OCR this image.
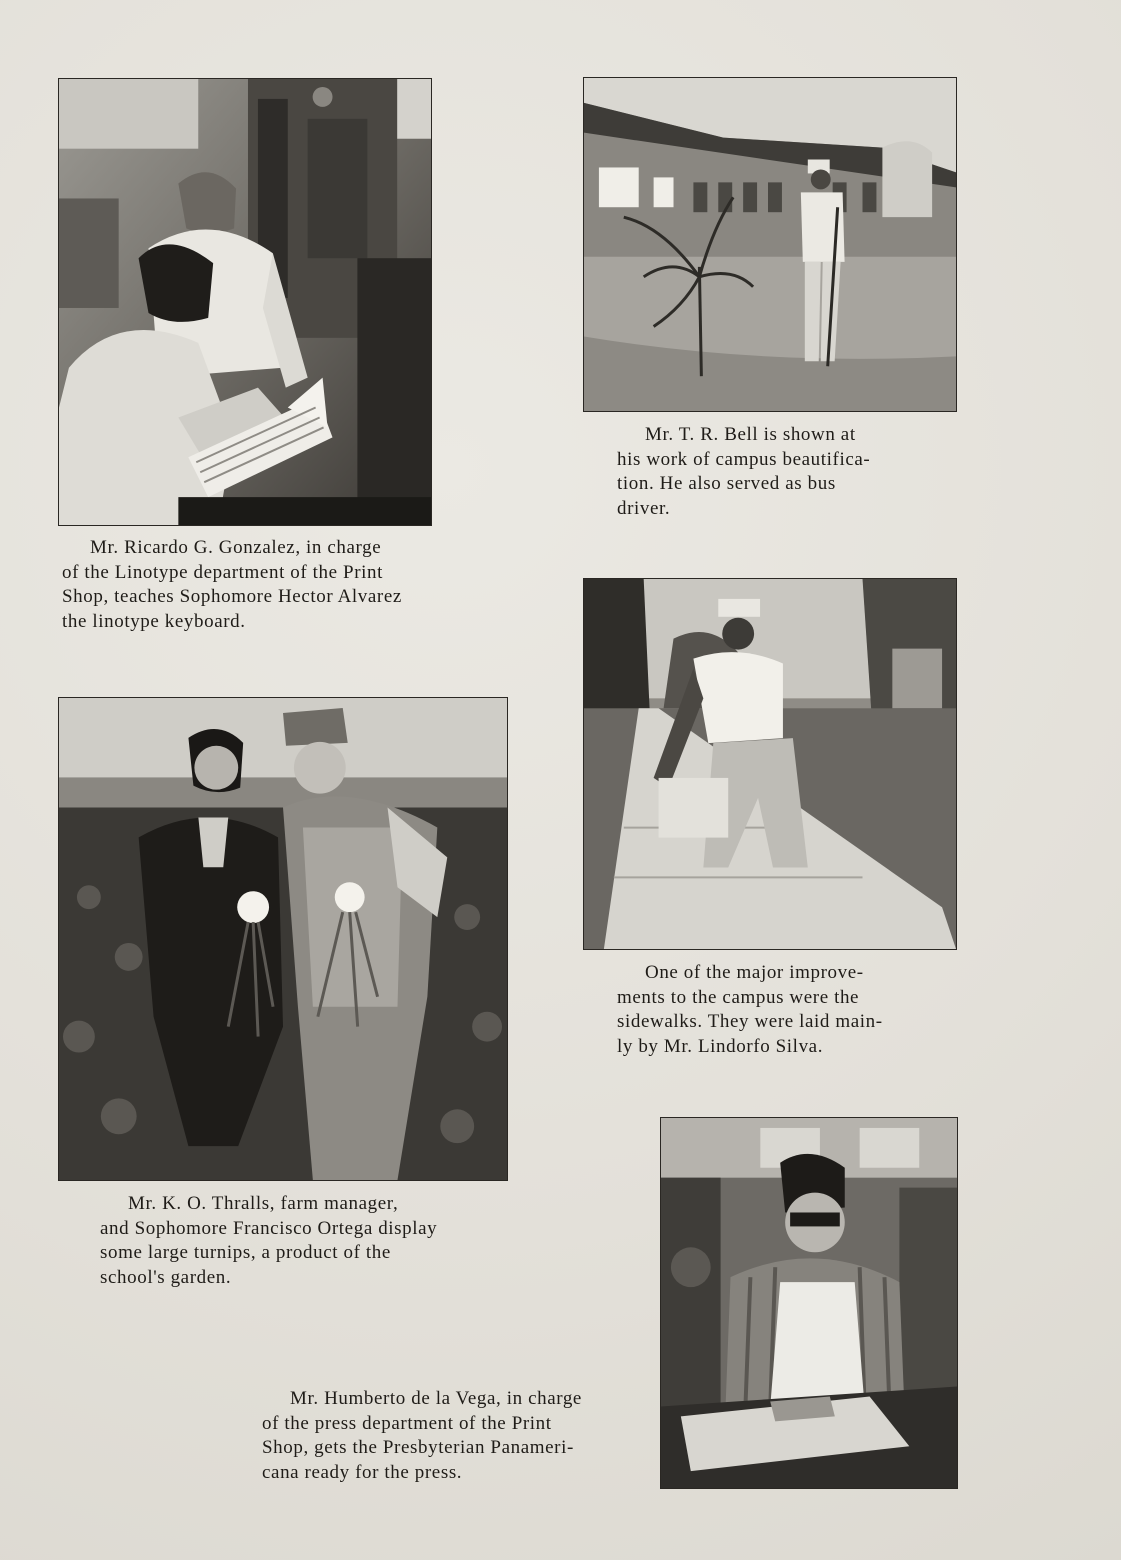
Mr. Ricardo G. Gonzalez, in charge
of the Linotype department of the Print
Shop, teaches Sophomore Hector Alvarez
the linotype keyboard.

Mr. T. R. Bell is shown at
his work of campus beautifica-
tion. He also served as bus
driver.

One of the major improve-
ments to the campus were the
sidewalks. They were laid main-
ly by Mr. Lindorfo Silva.

Mr. K. O. Thralls, farm manager,
and Sophomore Francisco Ortega display
some large turnips, a product of the
school's garden.

Mr. Humberto de la Vega, in charge
of the press department of the Print
Shop, gets the Presbyterian Panameri-
cana ready for the press.
